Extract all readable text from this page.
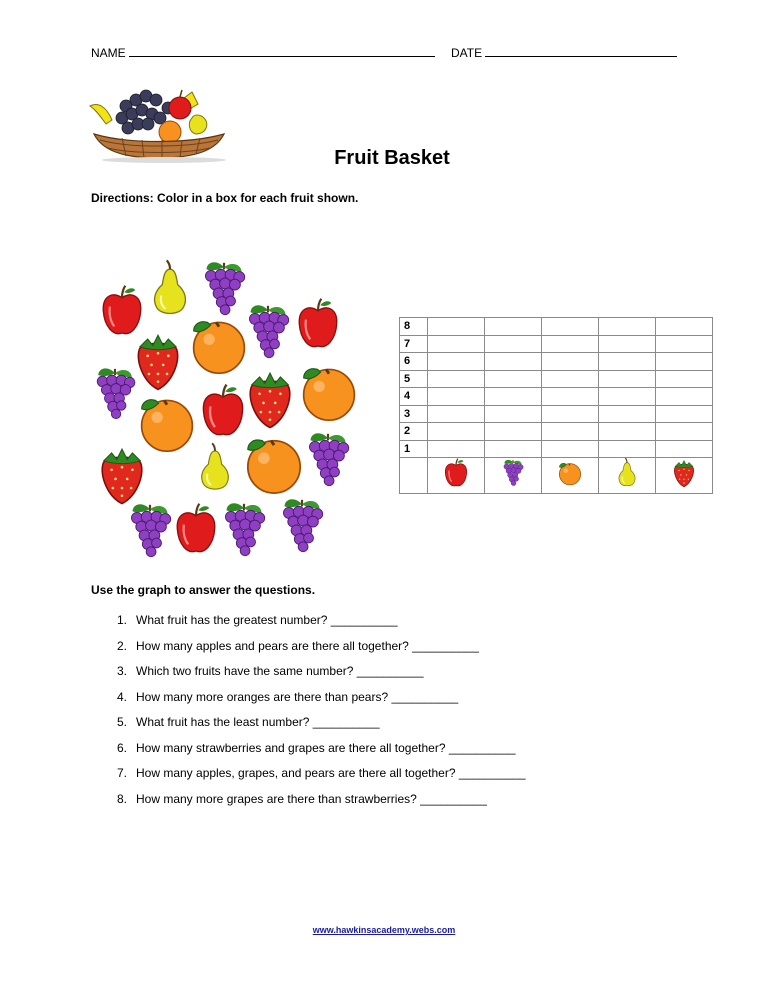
NAME	DATE
Fruit Basket
Directions: Color in a box for each fruit shown.
8					
7					
6					
5					
4					
3					
2					
1					

Use the graph to answer the questions.
1. What fruit has the greatest number? __________
2. How many apples and pears are there all together? __________
3. Which two fruits have the same number? __________
4. How many more oranges are there than pears? __________
5. What fruit has the least number? __________
6. How many strawberries and grapes are there all together? __________
7. How many apples, grapes, and pears are there all together? __________
8. How many more grapes are there than strawberries? __________
www.hawkinsacademy.webs.com
